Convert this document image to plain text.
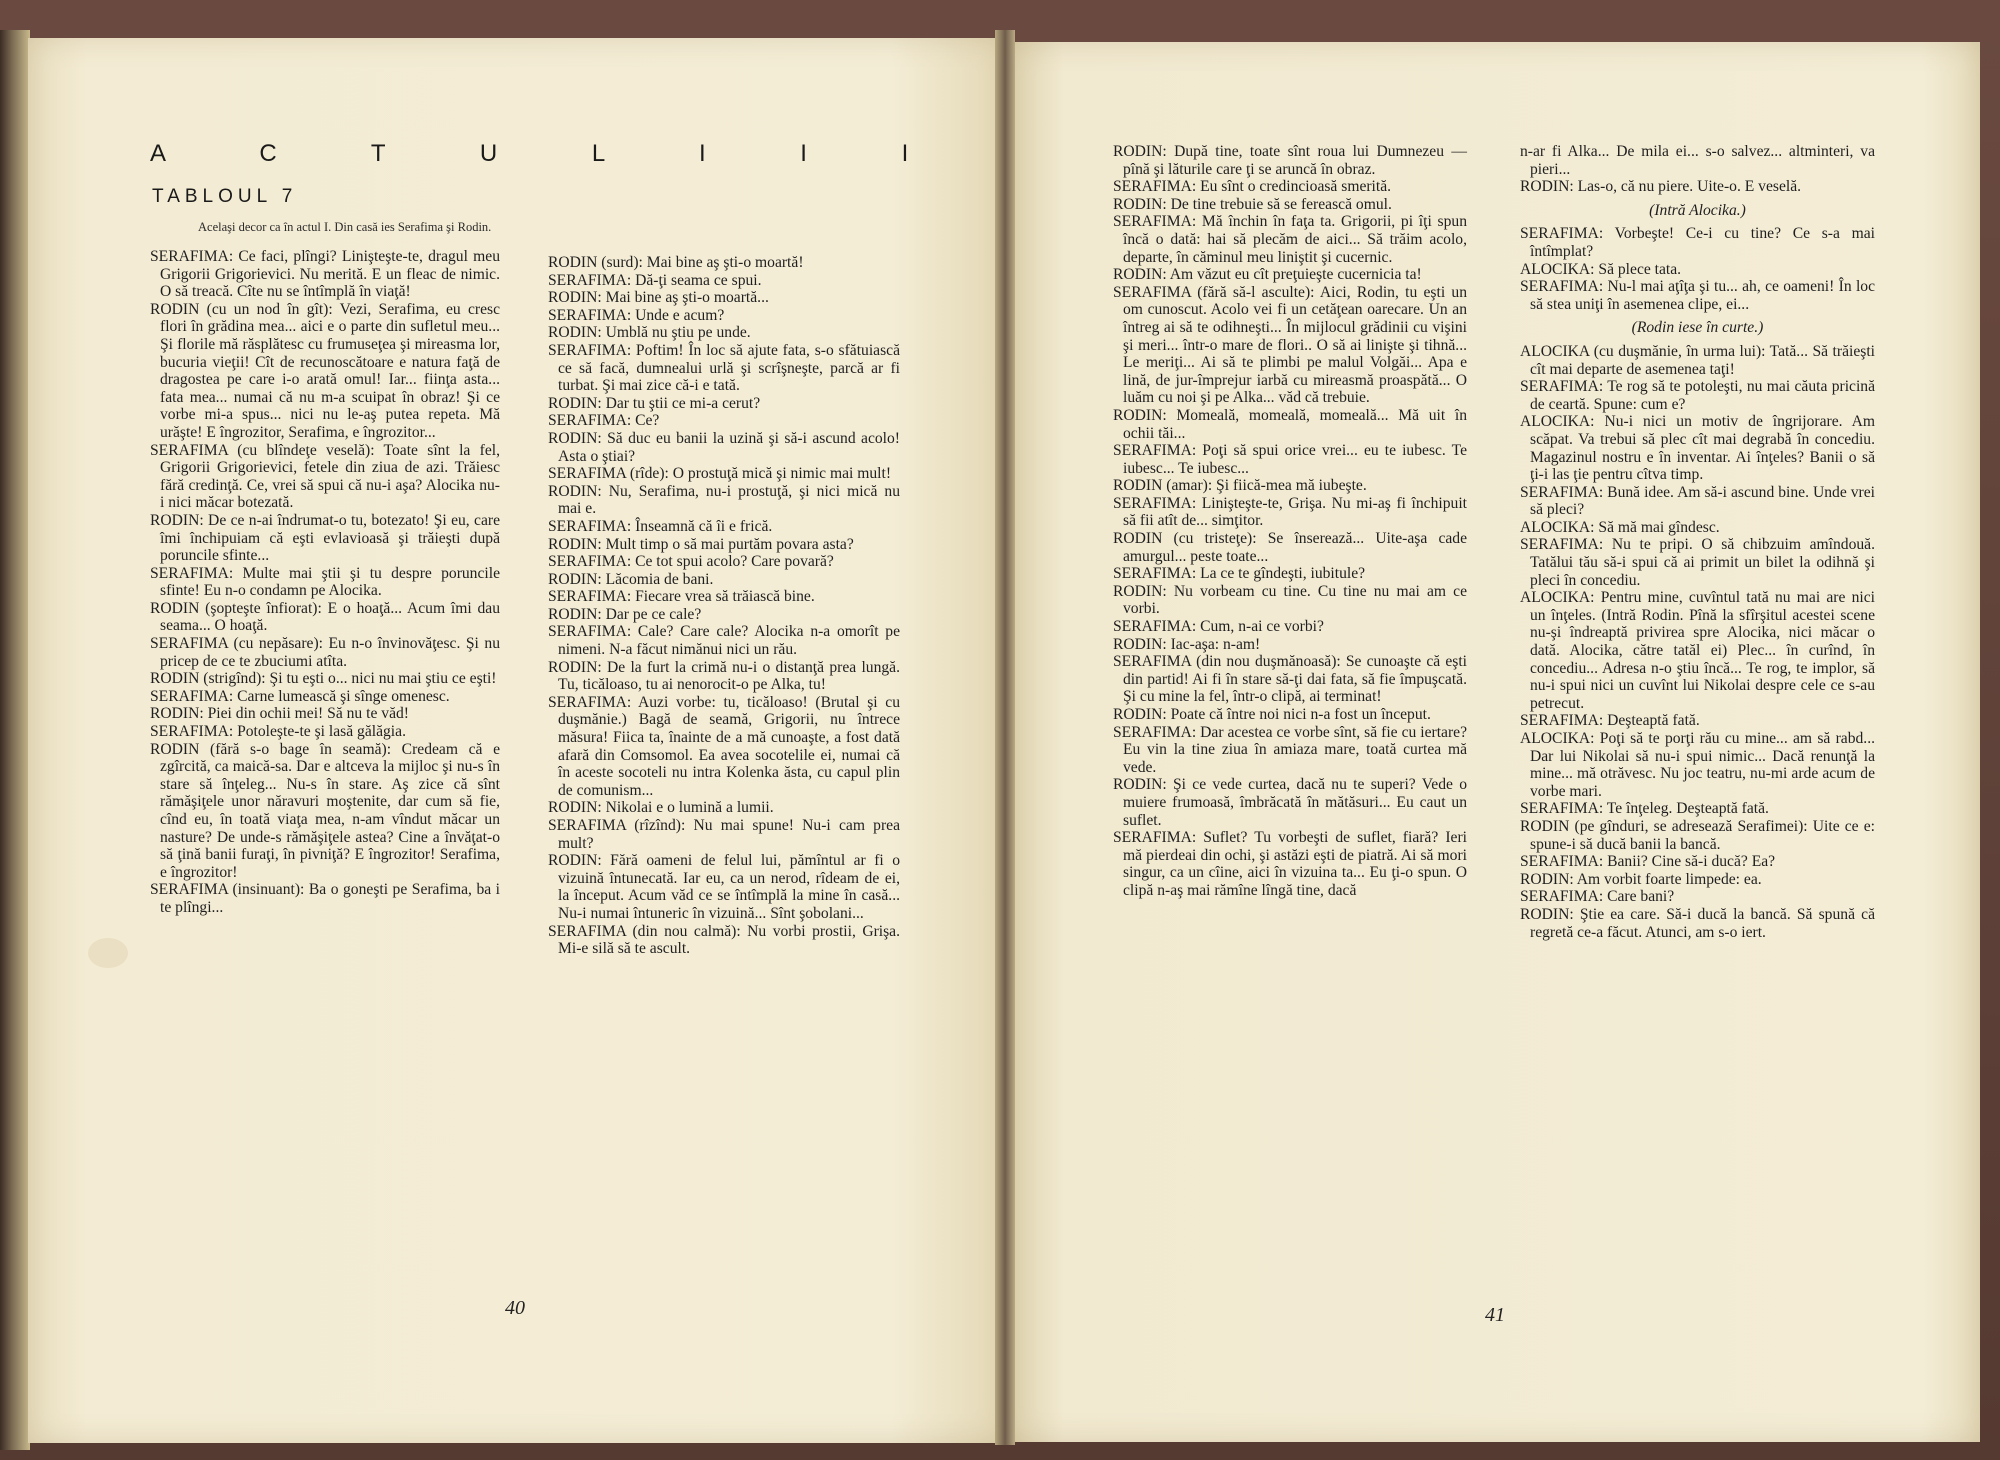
A C T U L I I I
TABLOUL 7
Acelaşi decor ca în actul I. Din casă ies Serafima şi Rodin.

SERAFIMA: Ce faci, plîngi? Linişteşte-te, dragul meu Grigorii Grigorievici. Nu merită. E un fleac de nimic. O să treacă. Cîte nu se întîmplă în viaţă!

RODIN (cu un nod în gît): Vezi, Serafima, eu cresc flori în grădina mea... aici e o parte din sufletul meu... Şi florile mă răsplătesc cu frumuseţea şi mireasma lor, bucuria vieţii! Cît de recunoscătoare e natura faţă de dragostea pe care i-o arată omul! Iar... fiinţa asta... fata mea... numai că nu m-a scuipat în obraz! Şi ce vorbe mi-a spus... nici nu le-aş putea repeta. Mă urăşte! E îngrozitor, Serafima, e îngrozitor...

SERAFIMA (cu blîndeţe veselă): Toate sînt la fel, Grigorii Grigorievici, fetele din ziua de azi. Trăiesc fără credinţă. Ce, vrei să spui că nu-i aşa? Alocika nu-i nici măcar botezată.

RODIN: De ce n-ai îndrumat-o tu, botezato! Şi eu, care îmi închipuiam că eşti evlavioasă şi trăieşti după poruncile sfinte...

SERAFIMA: Multe mai ştii şi tu despre poruncile sfinte! Eu n-o condamn pe Alocika.

RODIN (şopteşte înfiorat): E o hoaţă... Acum îmi dau seama... O hoaţă.

SERAFIMA (cu nepăsare): Eu n-o învinovăţesc. Şi nu pricep de ce te zbuciumi atîta.

RODIN (strigînd): Şi tu eşti o... nici nu mai ştiu ce eşti!

SERAFIMA: Carne lumească şi sînge omenesc.

RODIN: Piei din ochii mei! Să nu te văd!

SERAFIMA: Potoleşte-te şi lasă gălăgia.

RODIN (fără s-o bage în seamă): Credeam că e zgîrcită, ca maică-sa. Dar e altceva la mijloc şi nu-s în stare să înţeleg... Nu-s în stare. Aş zice că sînt rămăşiţele unor năravuri moştenite, dar cum să fie, cînd eu, în toată viaţa mea, n-am vîndut măcar un nasture? De unde-s rămăşiţele astea? Cine a învăţat-o să ţină banii furaţi, în pivniţă? E îngrozitor! Serafima, e îngrozitor!

SERAFIMA (insinuant): Ba o goneşti pe Serafima, ba i te plîngi...

RODIN (surd): Mai bine aş şti-o moartă!

SERAFIMA: Dă-ţi seama ce spui.

RODIN: Mai bine aş şti-o moartă...

SERAFIMA: Unde e acum?

RODIN: Umblă nu ştiu pe unde.

SERAFIMA: Poftim! În loc să ajute fata, s-o sfătuiască ce să facă, dumnealui urlă şi scrîşneşte, parcă ar fi turbat. Şi mai zice că-i e tată.

RODIN: Dar tu ştii ce mi-a cerut?

SERAFIMA: Ce?

RODIN: Să duc eu banii la uzină şi să-i ascund acolo! Asta o ştiai?

SERAFIMA (rîde): O prostuţă mică şi nimic mai mult!

RODIN: Nu, Serafima, nu-i prostuţă, şi nici mică nu mai e.

SERAFIMA: Înseamnă că îi e frică.

RODIN: Mult timp o să mai purtăm povara asta?

SERAFIMA: Ce tot spui acolo? Care povară?

RODIN: Lăcomia de bani.

SERAFIMA: Fiecare vrea să trăiască bine.

RODIN: Dar pe ce cale?

SERAFIMA: Cale? Care cale? Alocika n-a omorît pe nimeni. N-a făcut nimănui nici un rău.

RODIN: De la furt la crimă nu-i o distanţă prea lungă. Tu, ticăloaso, tu ai nenorocit-o pe Alka, tu!

SERAFIMA: Auzi vorbe: tu, ticăloaso! (Brutal şi cu duşmănie.) Bagă de seamă, Grigorii, nu întrece măsura! Fiica ta, înainte de a mă cunoaşte, a fost dată afară din Comsomol. Ea avea socotelile ei, numai că în aceste socoteli nu intra Kolenka ăsta, cu capul plin de comunism...

RODIN: Nikolai e o lumină a lumii.

SERAFIMA (rîzînd): Nu mai spune! Nu-i cam prea mult?

RODIN: Fără oameni de felul lui, pămîntul ar fi o vizuină întunecată. Iar eu, ca un nerod, rîdeam de ei, la început. Acum văd ce se întîmplă la mine în casă... Nu-i numai întuneric în vizuină... Sînt şobolani...

SERAFIMA (din nou calmă): Nu vorbi prostii, Grişa. Mi-e silă să te ascult.

RODIN: După tine, toate sînt roua lui Dumnezeu — pînă şi lăturile care ţi se aruncă în obraz.

SERAFIMA: Eu sînt o credincioasă smerită.

RODIN: De tine trebuie să se ferească omul.

SERAFIMA: Mă închin în faţa ta. Grigorii, pi îţi spun încă o dată: hai să plecăm de aici... Să trăim acolo, departe, în căminul meu liniştit şi cucernic.

RODIN: Am văzut eu cît preţuieşte cucernicia ta!

SERAFIMA (fără să-l asculte): Aici, Rodin, tu eşti un om cunoscut. Acolo vei fi un cetăţean oarecare. Un an întreg ai să te odihneşti... În mijlocul grădinii cu vişini şi meri... într-o mare de flori.. O să ai linişte şi tihnă... Le meriţi... Ai să te plimbi pe malul Volgăi... Apa e lină, de jur-împrejur iarbă cu mireasmă proaspătă... O luăm cu noi şi pe Alka... văd că trebuie.

RODIN: Momeală, momeală, momeală... Mă uit în ochii tăi...

SERAFIMA: Poţi să spui orice vrei... eu te iubesc. Te iubesc... Te iubesc...

RODIN (amar): Şi fiică-mea mă iubeşte.

SERAFIMA: Linişteşte-te, Grişa. Nu mi-aş fi închipuit să fii atît de... simţitor.

RODIN (cu tristeţe): Se înserează... Uite-aşa cade amurgul... peste toate...

SERAFIMA: La ce te gîndeşti, iubitule?

RODIN: Nu vorbeam cu tine. Cu tine nu mai am ce vorbi.

SERAFIMA: Cum, n-ai ce vorbi?

RODIN: Iac-aşa: n-am!

SERAFIMA (din nou duşmănoasă): Se cunoaşte că eşti din partid! Ai fi în stare să-ţi dai fata, să fie împuşcată. Şi cu mine la fel, într-o clipă, ai terminat!

RODIN: Poate că între noi nici n-a fost un început.

SERAFIMA: Dar acestea ce vorbe sînt, să fie cu iertare? Eu vin la tine ziua în amiaza mare, toată curtea mă vede.

RODIN: Şi ce vede curtea, dacă nu te superi? Vede o muiere frumoasă, îmbrăcată în mătăsuri... Eu caut un suflet.

SERAFIMA: Suflet? Tu vorbeşti de suflet, fiară? Ieri mă pierdeai din ochi, şi astăzi eşti de piatră. Ai să mori singur, ca un cîine, aici în vizuina ta... Eu ţi-o spun. O clipă n-aş mai rămîne lîngă tine, dacă

n-ar fi Alka... De mila ei... s-o salvez... altminteri, va pieri...

RODIN: Las-o, că nu piere. Uite-o. E veselă.

(Intră Alocika.)

SERAFIMA: Vorbeşte! Ce-i cu tine? Ce s-a mai întîmplat?

ALOCIKA: Să plece tata.

SERAFIMA: Nu-l mai aţîţa şi tu... ah, ce oameni! În loc să stea uniţi în asemenea clipe, ei...

(Rodin iese în curte.)

ALOCIKA (cu duşmănie, în urma lui): Tată... Să trăieşti cît mai departe de asemenea taţi!

SERAFIMA: Te rog să te potoleşti, nu mai căuta pricină de ceartă. Spune: cum e?

ALOCIKA: Nu-i nici un motiv de îngrijorare. Am scăpat. Va trebui să plec cît mai degrabă în concediu. Magazinul nostru e în inventar. Ai înţeles? Banii o să ţi-i las ţie pentru cîtva timp.

SERAFIMA: Bună idee. Am să-i ascund bine. Unde vrei să pleci?

ALOCIKA: Să mă mai gîndesc.

SERAFIMA: Nu te pripi. O să chibzuim amîndouă. Tatălui tău să-i spui că ai primit un bilet la odihnă şi pleci în concediu.

ALOCIKA: Pentru mine, cuvîntul tată nu mai are nici un înţeles. (Intră Rodin. Pînă la sfîrşitul acestei scene nu-şi îndreaptă privirea spre Alocika, nici măcar o dată. Alocika, către tatăl ei) Plec... în curînd, în concediu... Adresa n-o ştiu încă... Te rog, te implor, să nu-i spui nici un cuvînt lui Nikolai despre cele ce s-au petrecut.

SERAFIMA: Deşteaptă fată.

ALOCIKA: Poţi să te porţi rău cu mine... am să rabd... Dar lui Nikolai să nu-i spui nimic... Dacă renunţă la mine... mă otrăvesc. Nu joc teatru, nu-mi arde acum de vorbe mari.

SERAFIMA: Te înţeleg. Deşteaptă fată.

RODIN (pe gînduri, se adresează Serafimei): Uite ce e: spune-i să ducă banii la bancă.

SERAFIMA: Banii? Cine să-i ducă? Ea?

RODIN: Am vorbit foarte limpede: ea.

SERAFIMA: Care bani?

RODIN: Ştie ea care. Să-i ducă la bancă. Să spună că regretă ce-a făcut. Atunci, am s-o iert.

40	41
